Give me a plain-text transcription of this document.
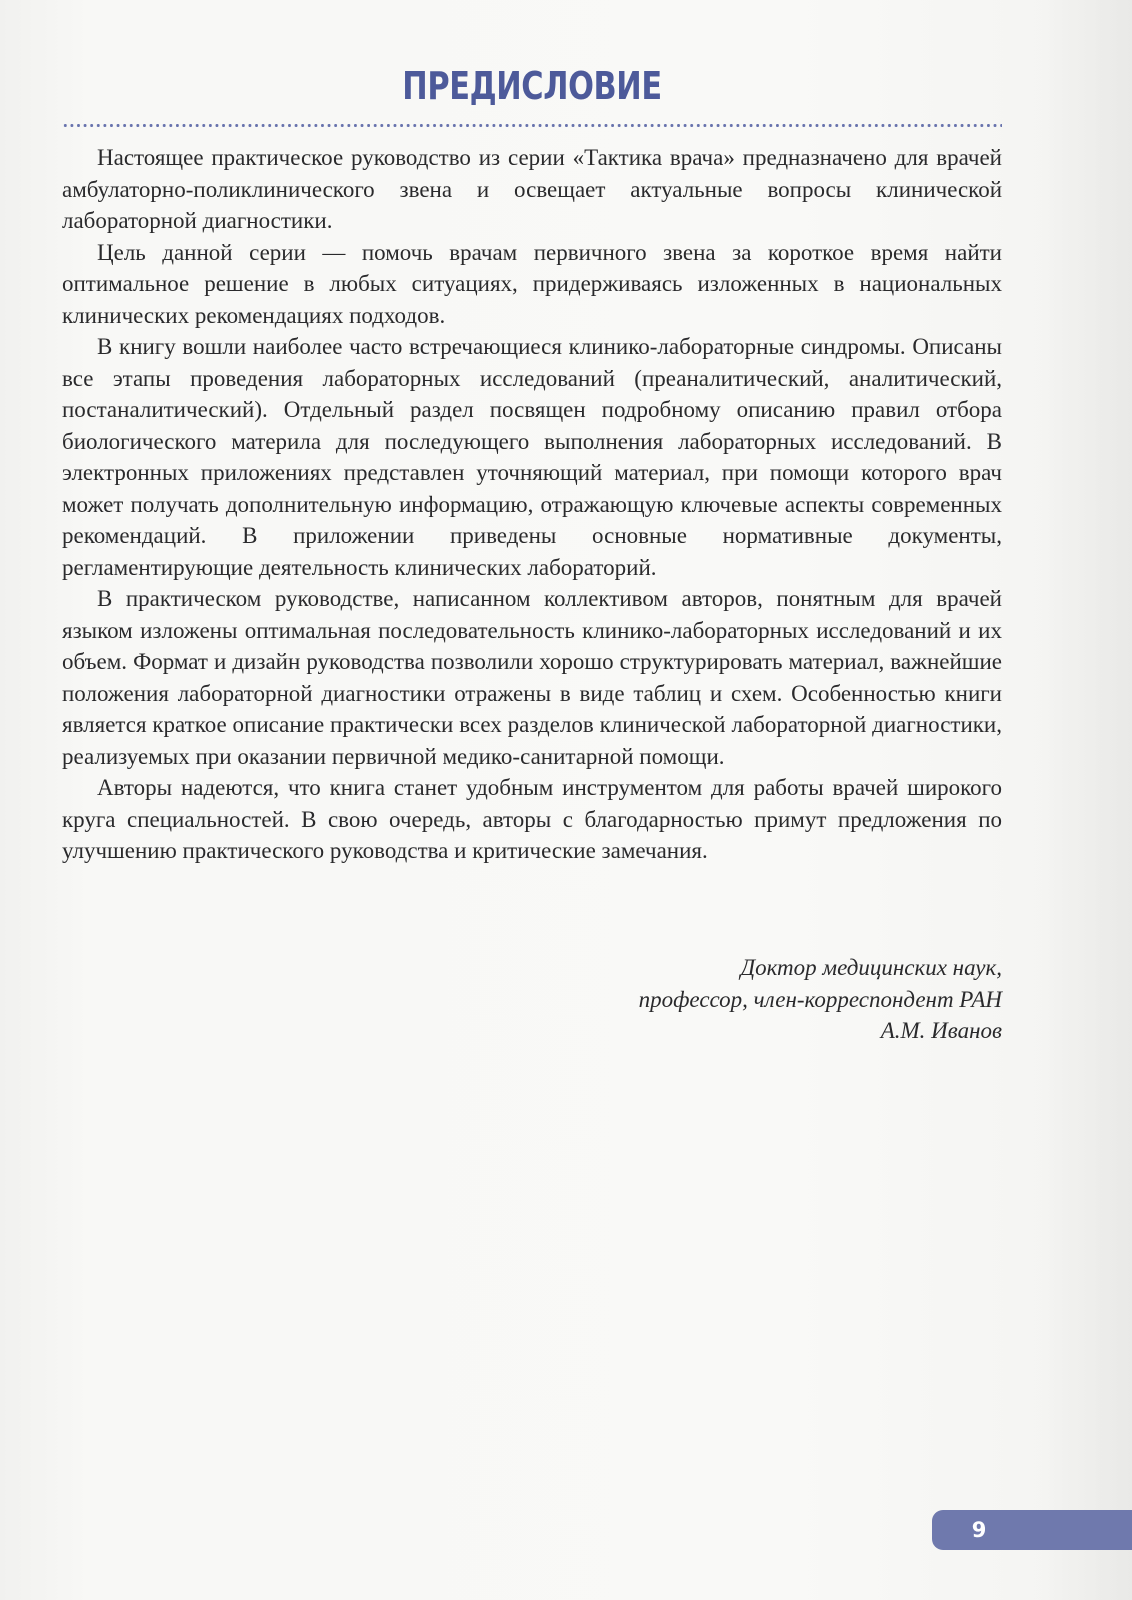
ПРЕДИСЛОВИЕ

Настоящее практическое руководство из серии «Тактика врача» предназначено для врачей амбулаторно-поликлинического звена и освещает актуальные вопросы клинической лабораторной диагностики.

Цель данной серии — помочь врачам первичного звена за короткое время найти оптимальное решение в любых ситуациях, придерживаясь изложенных в национальных клинических рекомендациях подходов.

В книгу вошли наиболее часто встречающиеся клинико-лабораторные синдромы. Описаны все этапы проведения лабораторных исследований (преаналитический, аналитический, постаналитический). Отдельный раздел посвящен подробному описанию правил отбора биологического материла для последующего выполнения лабораторных исследований. В электронных приложениях представлен уточняющий материал, при помощи которого врач может получать дополнительную информацию, отражающую ключевые аспекты современных рекомендаций. В приложении приведены основные нормативные документы, регламентирующие деятельность клинических лабораторий.

В практическом руководстве, написанном коллективом авторов, понятным для врачей языком изложены оптимальная последовательность клинико-лабораторных исследований и их объем. Формат и дизайн руководства позволили хорошо структурировать материал, важнейшие положения лабораторной диагностики отражены в виде таблиц и схем. Особенностью книги является краткое описание практически всех разделов клинической лабораторной диагностики, реализуемых при оказании первичной медико-санитарной помощи.

Авторы надеются, что книга станет удобным инструментом для работы врачей широкого круга специальностей. В свою очередь, авторы с благодарностью примут предложения по улучшению практического руководства и критические замечания.

Доктор медицинских наук,
профессор, член-корреспондент РАН
А.М. Иванов
9
